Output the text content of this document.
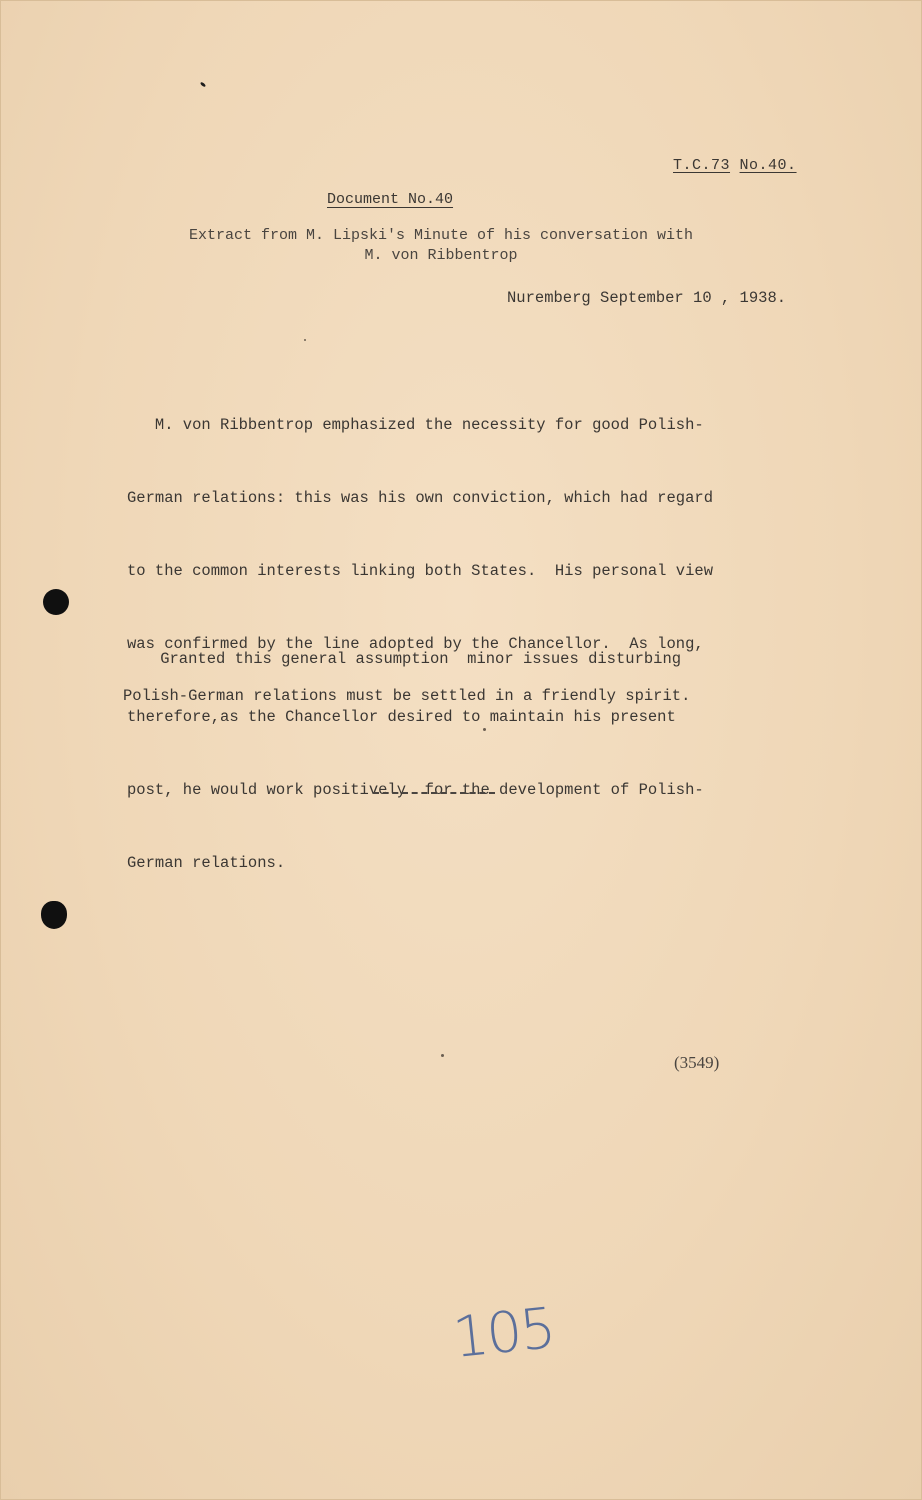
T.C.73 No.40.
Document No.40
Extract from M. Lipski's Minute of his conversation with
M. von Ribbentrop
Nuremberg September 10 , 1938.

M. von Ribbentrop emphasized the necessity for good Polish-

German relations: this was his own conviction, which had regard

to the common interests linking both States.  His personal view

was confirmed by the line adopted by the Chancellor.  As long,

therefore,as the Chancellor desired to maintain his present

post, he would work positively  for the development of Polish-

German relations.

Granted this general assumption  minor issues disturbing
Polish-German relations must be settled in a friendly spirit.
(3549)
105
